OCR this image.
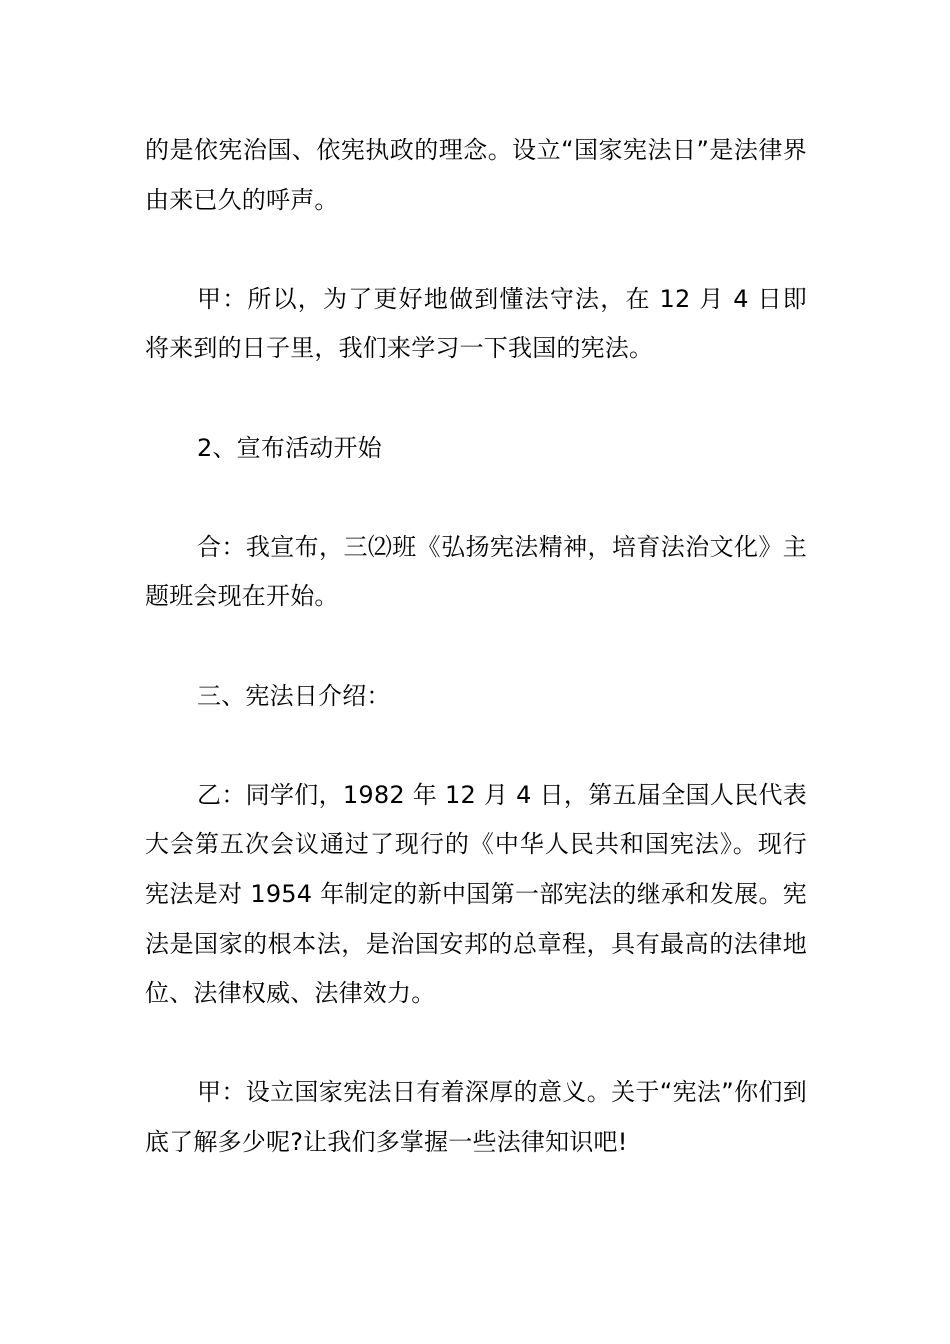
的是依宪治国、依宪执政的理念。设立“国家宪法日”是法律界由来已久的呼声。

甲：所以，为了更好地做到懂法守法，在 12 月 4 日即将来到的日子里，我们来学习一下我国的宪法。

2、宣布活动开始

合：我宣布，三⑵班《弘扬宪法精神，培育法治文化》主题班会现在开始。

三、宪法日介绍：

乙：同学们，1982 年 12 月 4 日，第五届全国人民代表大会第五次会议通过了现行的《中华人民共和国宪法》。现行宪法是对 1954 年制定的新中国第一部宪法的继承和发展。宪法是国家的根本法，是治国安邦的总章程，具有最高的法律地位、法律权威、法律效力。

甲：设立国家宪法日有着深厚的意义。关于“宪法”你们到底了解多少呢?让我们多掌握一些法律知识吧!
